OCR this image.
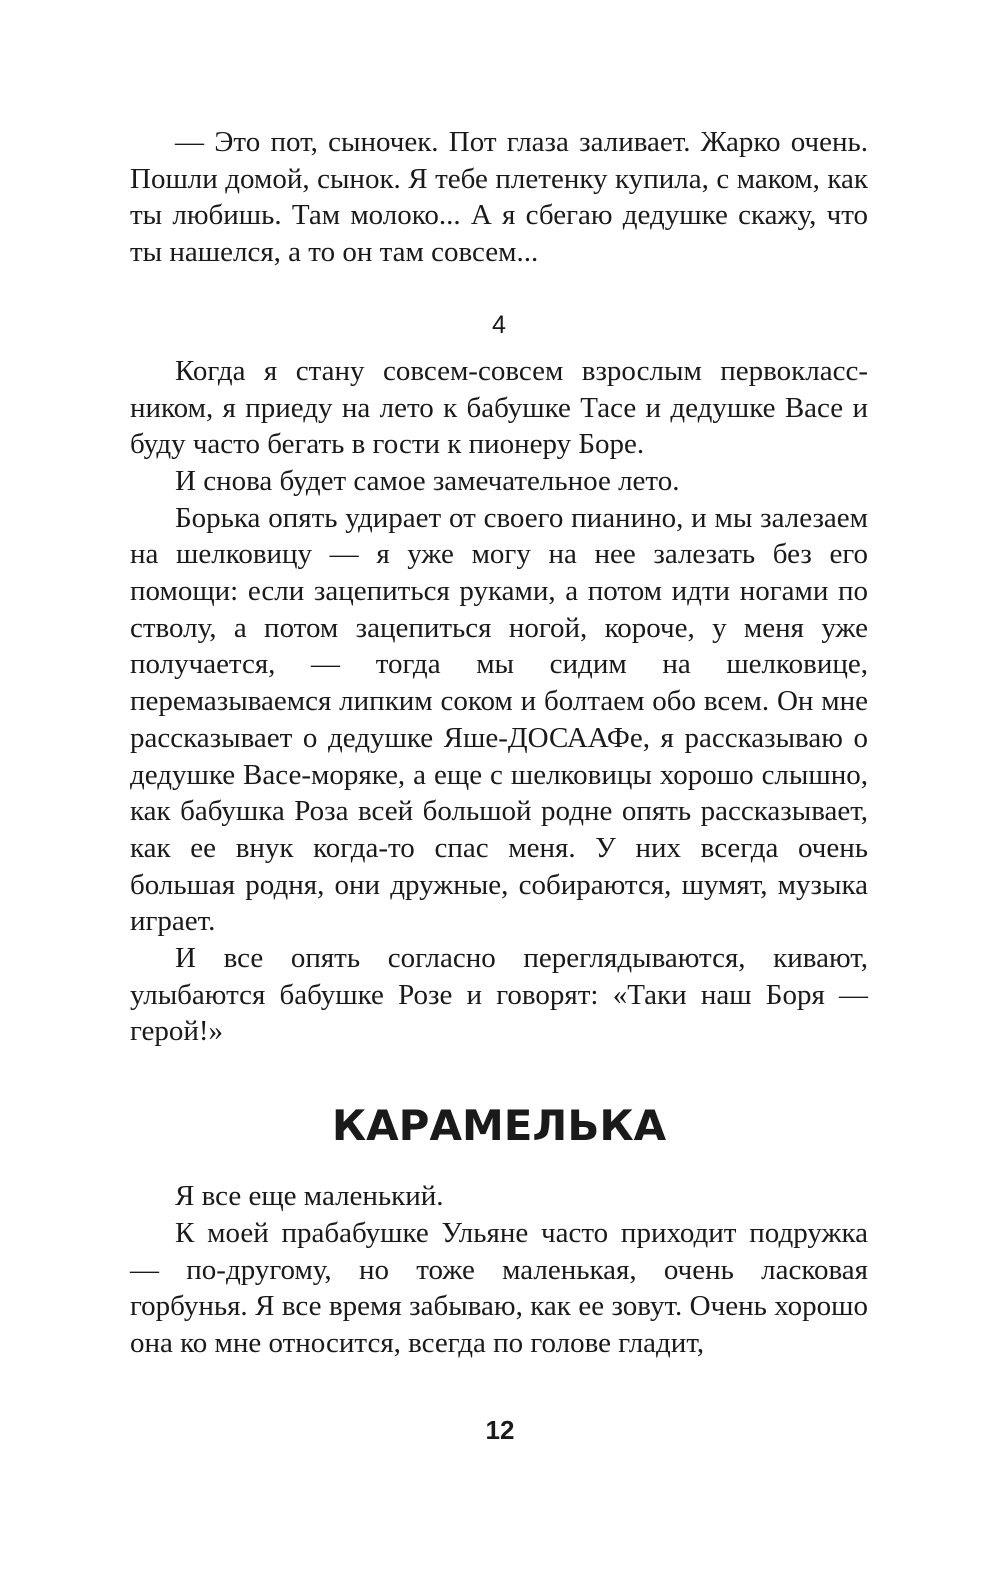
— Это пот, сыночек. Пот глаза заливает. Жарко очень. Пошли домой, сынок. Я тебе плетенку купила, с маком, как ты любишь. Там молоко... А я сбегаю дедушке скажу, что ты нашелся, а то он там совсем...

4

Когда я стану совсем-совсем взрослым первоклассником, я приеду на лето к бабушке Тасе и дедушке Васе и буду часто бегать в гости к пионеру Боре.

И снова будет самое замечательное лето.

Борька опять удирает от своего пианино, и мы залезаем на шелковицу — я уже могу на нее залезать без его помощи: если зацепиться руками, а потом идти ногами по стволу, а потом зацепиться ногой, короче, у меня уже получается, — тогда мы сидим на шелковице, перемазываемся липким соком и болтаем обо всем. Он мне рассказывает о дедушке Яше-ДОСААФе, я рассказываю о дедушке Васе-моряке, а еще с шелковицы хорошо слышно, как бабушка Роза всей большой родне опять рассказывает, как ее внук когда-то спас меня. У них всегда очень большая родня, они дружные, собираются, шумят, музыка играет.

И все опять согласно переглядываются, кивают, улыбаются бабушке Розе и говорят: «Таки наш Боря — герой!»

КАРАМЕЛЬКА

Я все еще маленький.

К моей прабабушке Ульяне часто приходит подружка — по-другому, но тоже маленькая, очень ласковая горбунья. Я все время забываю, как ее зовут. Очень хорошо она ко мне относится, всегда по голове гладит,

12
